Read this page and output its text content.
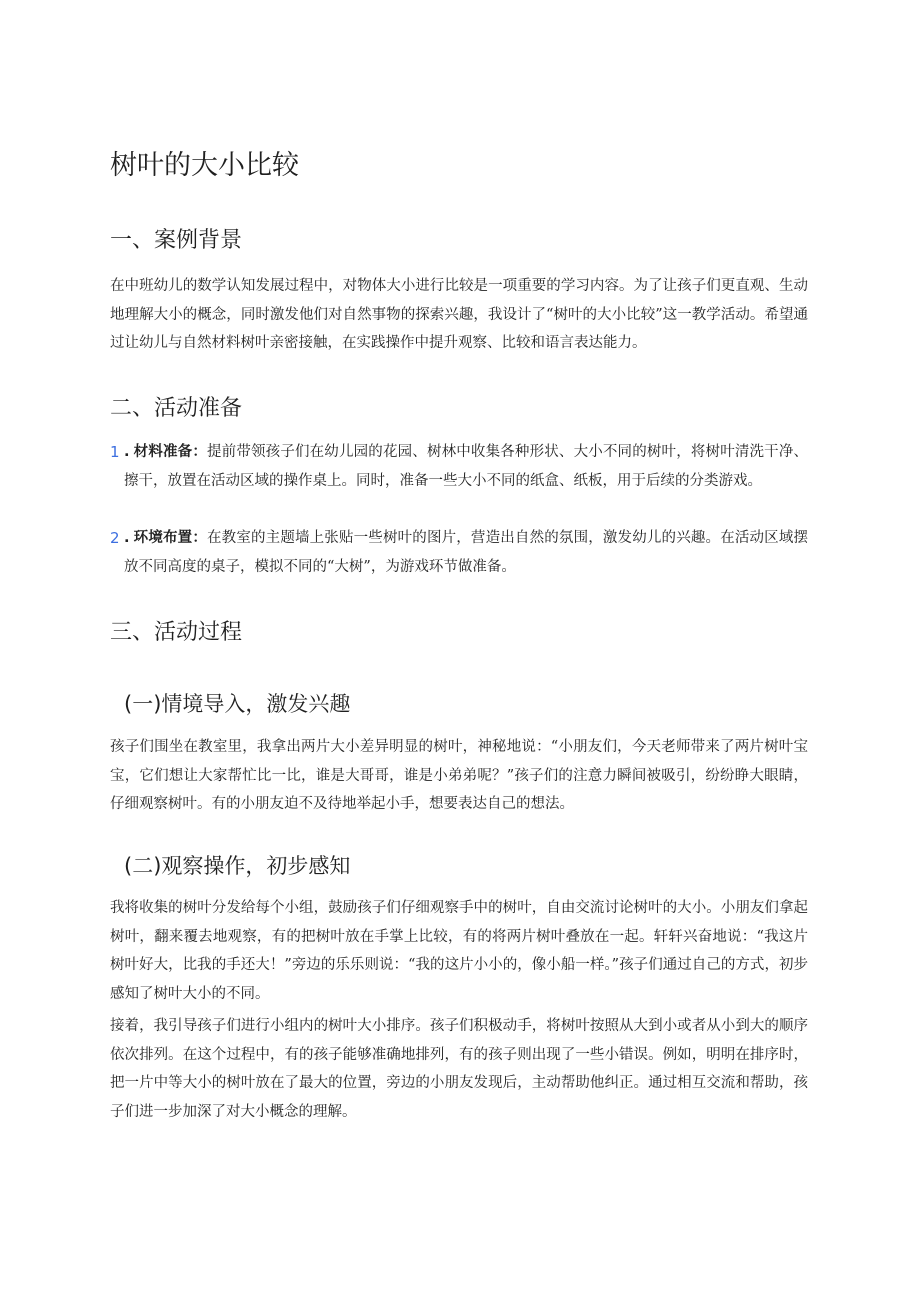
树叶的大小比较
一、案例背景

在中班幼儿的数学认知发展过程中，对物体大小进行比较是一项重要的学习内容。为了让孩子们更直观、生动地理解大小的概念，同时激发他们对自然事物的探索兴趣，我设计了“树叶的大小比较”这一教学活动。希望通过让幼儿与自然材料树叶亲密接触，在实践操作中提升观察、比较和语言表达能力。

二、活动准备
1 . 材料准备：提前带领孩子们在幼儿园的花园、树林中收集各种形状、大小不同的树叶，将树叶清洗干净、擦干，放置在活动区域的操作桌上。同时，准备一些大小不同的纸盒、纸板，用于后续的分类游戏。
2 . 环境布置：在教室的主题墙上张贴一些树叶的图片，营造出自然的氛围，激发幼儿的兴趣。在活动区域摆放不同高度的桌子，模拟不同的“大树”，为游戏环节做准备。
三、活动过程
(一)情境导入，激发兴趣

孩子们围坐在教室里，我拿出两片大小差异明显的树叶，神秘地说：“小朋友们，今天老师带来了两片树叶宝宝，它们想让大家帮忙比一比，谁是大哥哥，谁是小弟弟呢？”孩子们的注意力瞬间被吸引，纷纷睁大眼睛，仔细观察树叶。有的小朋友迫不及待地举起小手，想要表达自己的想法。

(二)观察操作，初步感知

我将收集的树叶分发给每个小组，鼓励孩子们仔细观察手中的树叶，自由交流讨论树叶的大小。小朋友们拿起树叶，翻来覆去地观察，有的把树叶放在手掌上比较，有的将两片树叶叠放在一起。轩轩兴奋地说：“我这片树叶好大，比我的手还大！”旁边的乐乐则说：“我的这片小小的，像小船一样。”孩子们通过自己的方式，初步感知了树叶大小的不同。

接着，我引导孩子们进行小组内的树叶大小排序。孩子们积极动手，将树叶按照从大到小或者从小到大的顺序依次排列。在这个过程中，有的孩子能够准确地排列，有的孩子则出现了一些小错误。例如，明明在排序时，把一片中等大小的树叶放在了最大的位置，旁边的小朋友发现后，主动帮助他纠正。通过相互交流和帮助，孩子们进一步加深了对大小概念的理解。
